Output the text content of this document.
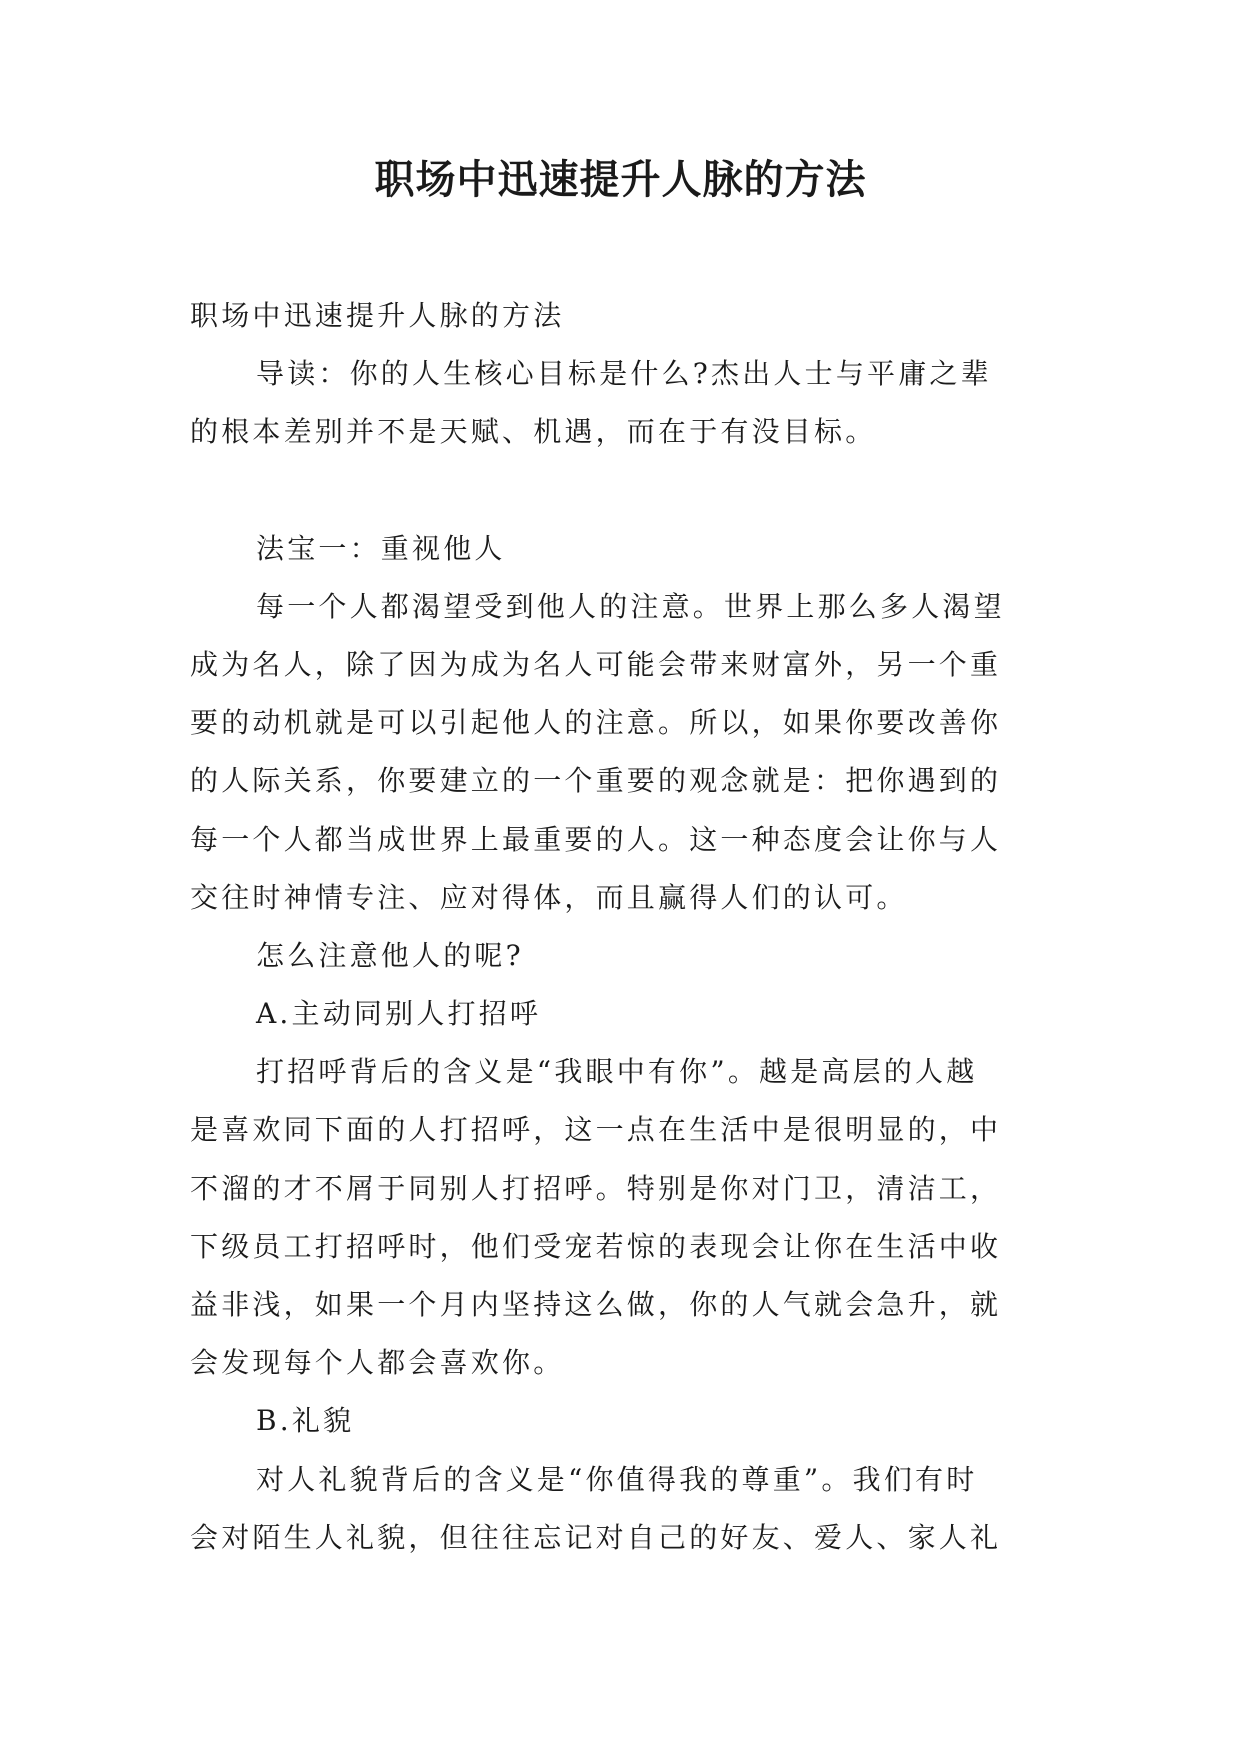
职场中迅速提升人脉的方法

职场中迅速提升人脉的方法

导读：你的人生核心目标是什么?杰出人士与平庸之辈

的根本差别并不是天赋、机遇，而在于有没目标。

法宝一：重视他人

每一个人都渴望受到他人的注意。世界上那么多人渴望

成为名人，除了因为成为名人可能会带来财富外，另一个重

要的动机就是可以引起他人的注意。所以，如果你要改善你

的人际关系，你要建立的一个重要的观念就是：把你遇到的

每一个人都当成世界上最重要的人。这一种态度会让你与人

交往时神情专注、应对得体，而且赢得人们的认可。

怎么注意他人的呢?

A.主动同别人打招呼

打招呼背后的含义是“我眼中有你”。越是高层的人越

是喜欢同下面的人打招呼，这一点在生活中是很明显的，中

不溜的才不屑于同别人打招呼。特别是你对门卫，清洁工，

下级员工打招呼时，他们受宠若惊的表现会让你在生活中收

益非浅，如果一个月内坚持这么做，你的人气就会急升，就

会发现每个人都会喜欢你。

B.礼貌

对人礼貌背后的含义是“你值得我的尊重”。我们有时

会对陌生人礼貌，但往往忘记对自己的好友、爱人、家人礼
